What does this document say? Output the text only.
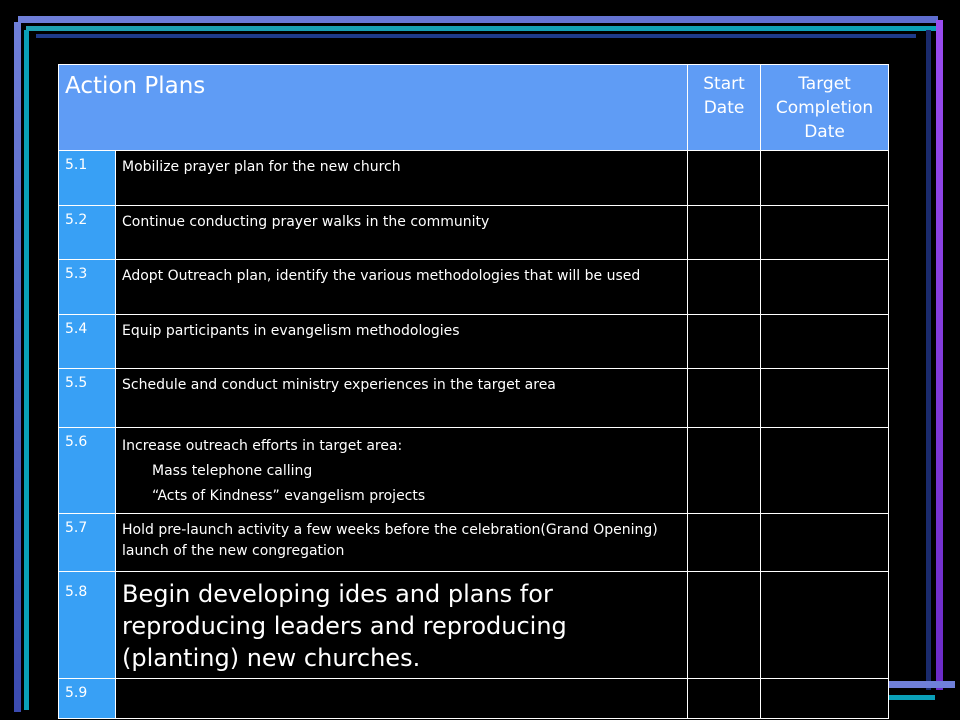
Action Plans		Start Date	Target Completion Date
5.1	Mobilize prayer plan for the new church		
5.2	Continue conducting prayer walks in the community		
5.3	Adopt Outreach plan, identify the various methodologies that will be used		
5.4	Equip participants in evangelism methodologies		
5.5	Schedule and conduct ministry experiences in the target area		
5.6	Increase outreach efforts in target area:
Mass telephone calling
“Acts of Kindness” evangelism projects		

5.7	Hold pre-launch activity a few weeks before the celebration(Grand Opening) launch of the new congregation		
5.8	Begin developing ides and plans for reproducing leaders and reproducing (planting) new churches.		
5.9			
